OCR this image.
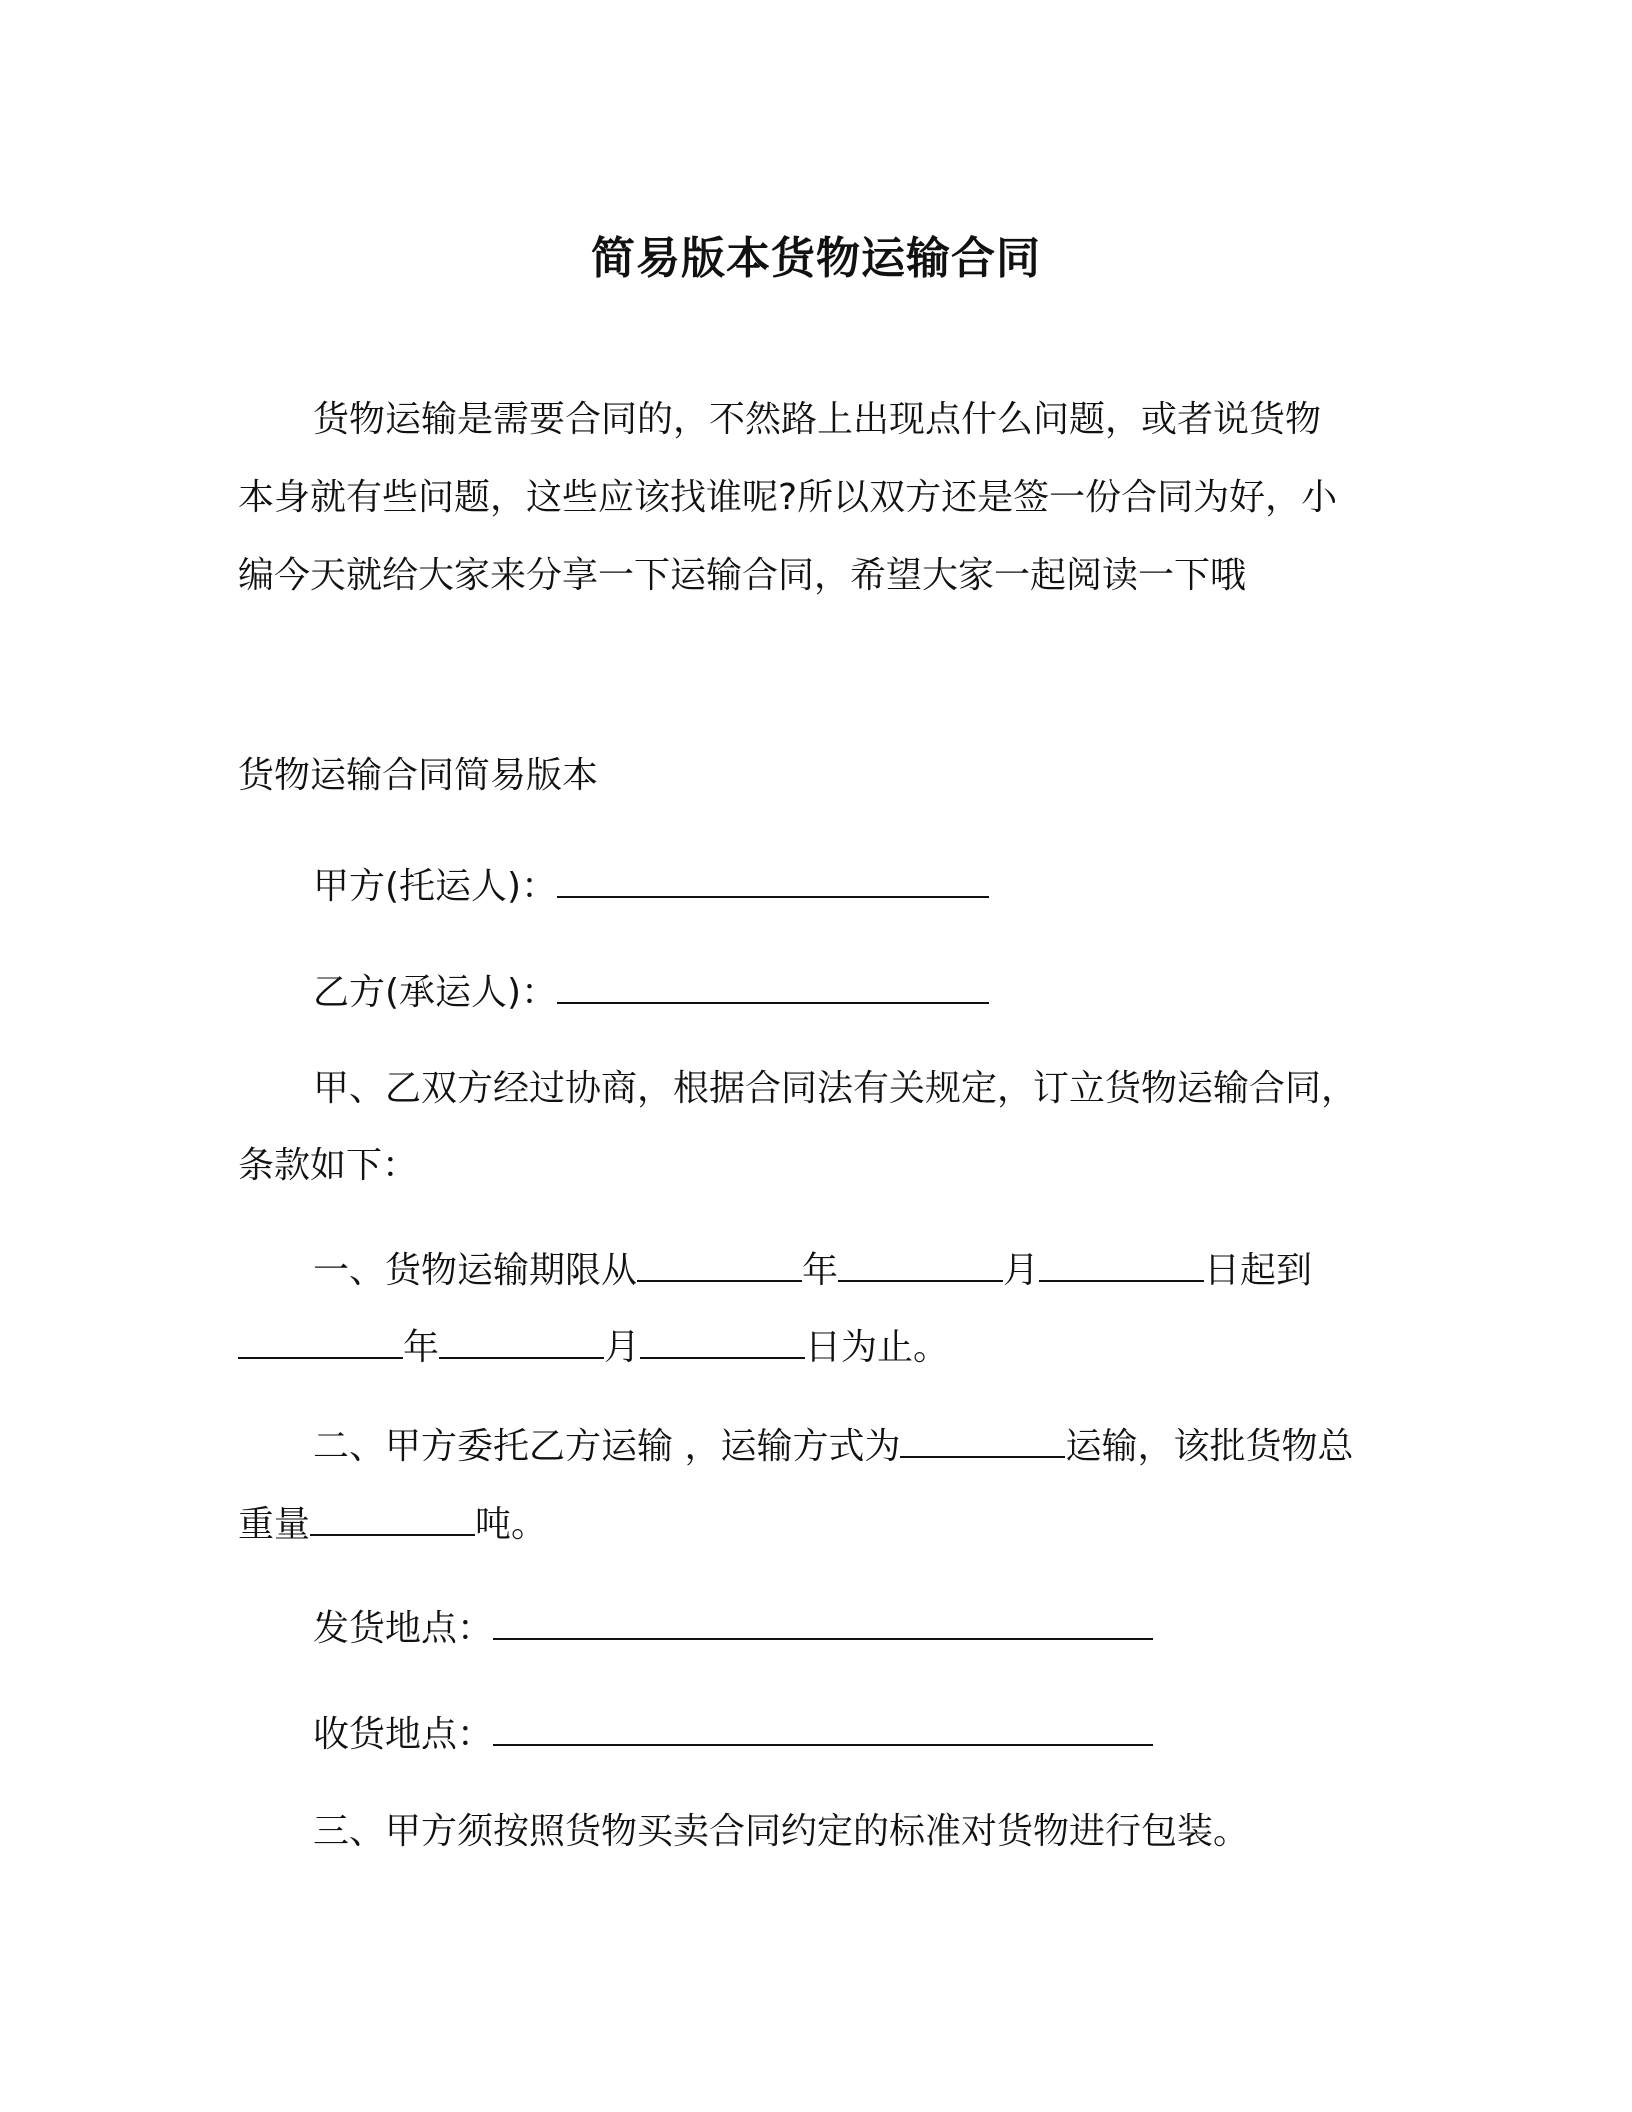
简易版本货物运输合同

货物运输是需要合同的，不然路上出现点什么问题，或者说货物

本身就有些问题，这些应该找谁呢?所以双方还是签一份合同为好，小

编今天就给大家来分享一下运输合同，希望大家一起阅读一下哦

货物运输合同简易版本

甲方(托运人)：

乙方(承运人)：

甲、乙双方经过协商，根据合同法有关规定，订立货物运输合同，

条款如下：

一、货物运输期限从	年	月	日起到

年	月	日为止。

二、甲方委托乙方运输 ，运输方式为	运输，该批货物总

重量	吨。

发货地点：

收货地点：

三、甲方须按照货物买卖合同约定的标准对货物进行包装。
